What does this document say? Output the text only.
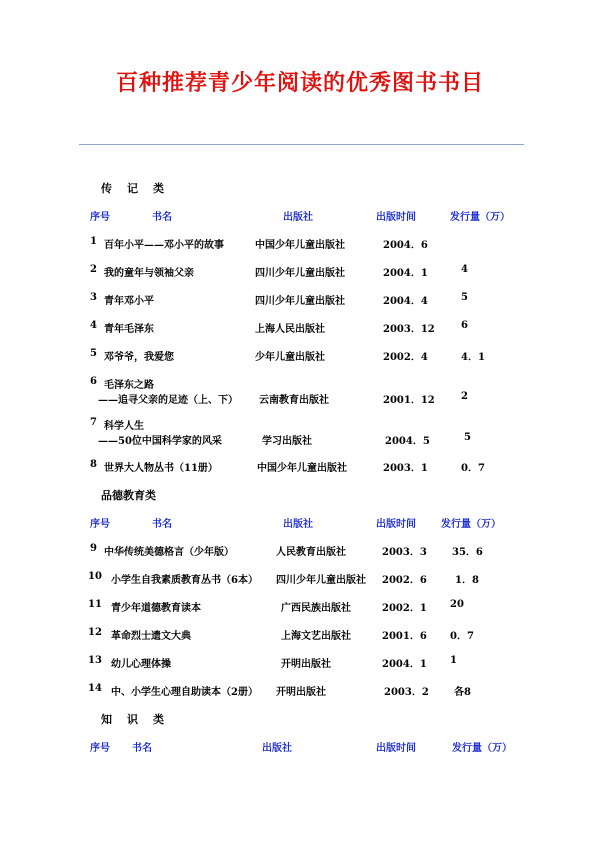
百种推荐青少年阅读的优秀图书书目
传　记　类
序号	书名	出版社	出版时间	发行量（万）
1 百年小平——邓小平的故事	中国少年儿童出版社	2004．6
2 我的童年与领袖父亲	四川少年儿童出版社	2004．1	4
3 青年邓小平	四川少年儿童出版社	2004．4	5
4 青年毛泽东	上海人民出版社	2003．12	6
5 邓爷爷，我爱您	少年儿童出版社	2002．4	4．1
6 毛泽东之路
——追寻父亲的足迹（上、下） 云南教育出版社	2001．12	2
7 科学人生
——50位中国科学家的风采	学习出版社	2004．5	5
8 世界大人物丛书（11册）	中国少年儿童出版社	2003．1	0．7
品德教育类
序号	书名	出版社	出版时间	发行量（万）
9 中华传统美德格言（少年版）	人民教育出版社	2003．3	35．6
10 小学生自我素质教育丛书（6本） 四川少年儿童出版社 2002．6	1．8
11 青少年道德教育读本	广西民族出版社	2002．1 20
12 革命烈士遗文大典	上海文艺出版社	2001．6 0．7
13 幼儿心理体操	开明出版社	2004．1 1
14 中、小学生心理自助读本（2册） 开明出版社	2003．2	各8
知　识　类
序号 书名	出版社	出版时间	发行量（万）
